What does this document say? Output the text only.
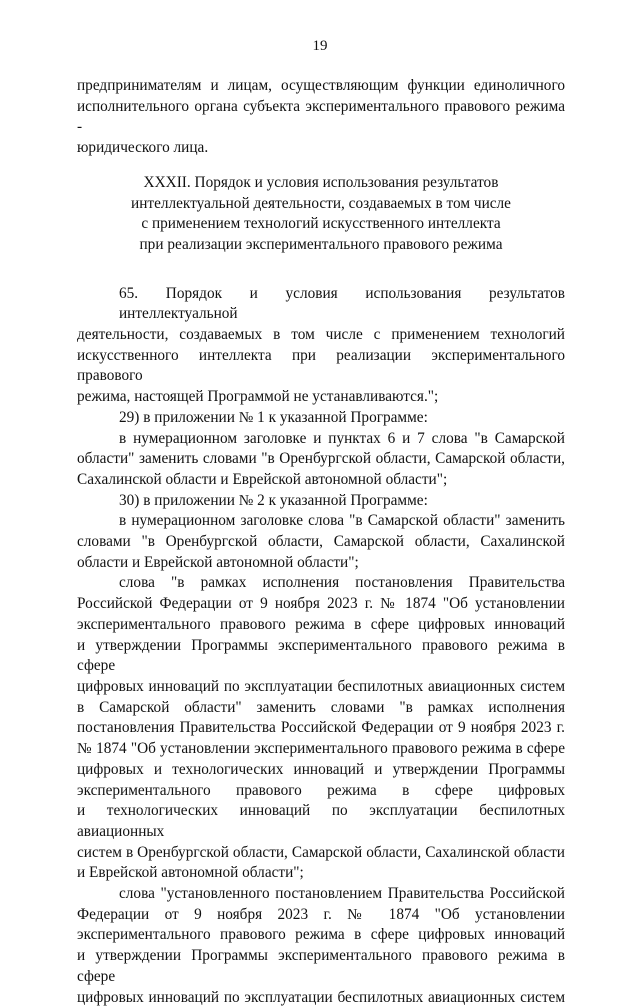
19

предпринимателям и лицам, осуществляющим функции единоличного
исполнительного органа субъекта экспериментального правового режима -
юридического лица.

XXXII. Порядок и условия использования результатов
интеллектуальной деятельности, создаваемых в том числе
с применением технологий искусственного интеллекта
при реализации экспериментального правового режима

65. Порядок и условия использования результатов интеллектуальной
деятельности, создаваемых в том числе с применением технологий
искусственного интеллекта при реализации экспериментального правового
режима, настоящей Программой не устанавливаются.";

29) в приложении № 1 к указанной Программе:

в нумерационном заголовке и пунктах 6 и 7 слова "в Самарской
области" заменить словами "в Оренбургской области, Самарской области,
Сахалинской области и Еврейской автономной области";

30) в приложении № 2 к указанной Программе:

в нумерационном заголовке слова "в Самарской области" заменить
словами "в Оренбургской области, Самарской области, Сахалинской
области и Еврейской автономной области";

слова "в рамках исполнения постановления Правительства
Российской Федерации от 9 ноября 2023 г. № 1874 "Об установлении
экспериментального правового режима в сфере цифровых инноваций
и утверждении Программы экспериментального правового режима в сфере
цифровых инноваций по эксплуатации беспилотных авиационных систем
в Самарской области" заменить словами "в рамках исполнения
постановления Правительства Российской Федерации от 9 ноября 2023 г.
№ 1874 "Об установлении экспериментального правового режима в сфере
цифровых и технологических инноваций и утверждении Программы
экспериментального правового режима в сфере цифровых
и технологических инноваций по эксплуатации беспилотных авиационных
систем в Оренбургской области, Самарской области, Сахалинской области
и Еврейской автономной области";

слова "установленного постановлением Правительства Российской
Федерации от 9 ноября 2023 г. № 1874 "Об установлении
экспериментального правового режима в сфере цифровых инноваций
и утверждении Программы экспериментального правового режима в сфере
цифровых инноваций по эксплуатации беспилотных авиационных систем
